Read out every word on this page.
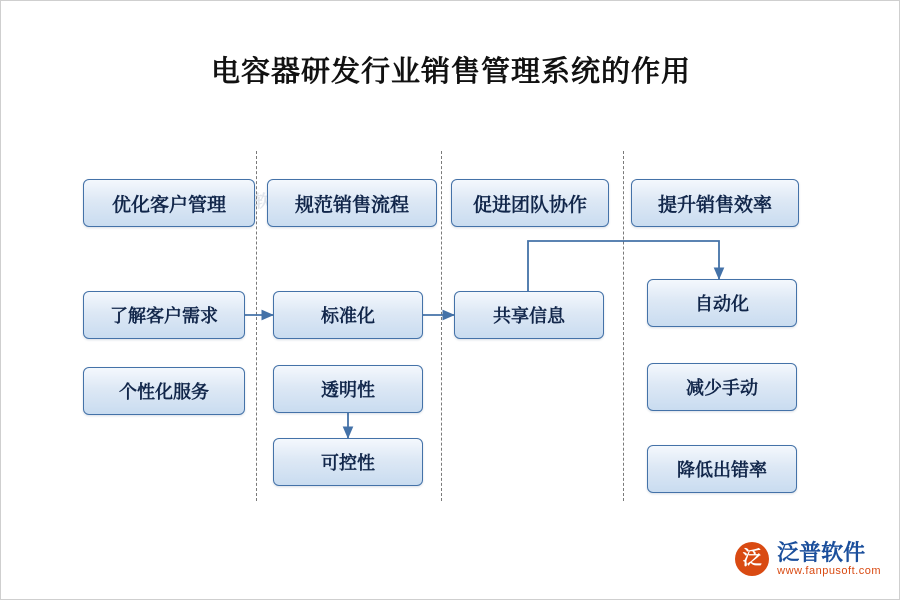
电容器研发行业销售管理系统的作用
优化客户管理
了解客户需求
个性化服务
规范销售流程
标准化
透明性
可控性
促进团队协作
共享信息
提升销售效率
自动化
减少手动
降低出错率
泛 泛普软件
www.fanpusoft.com
